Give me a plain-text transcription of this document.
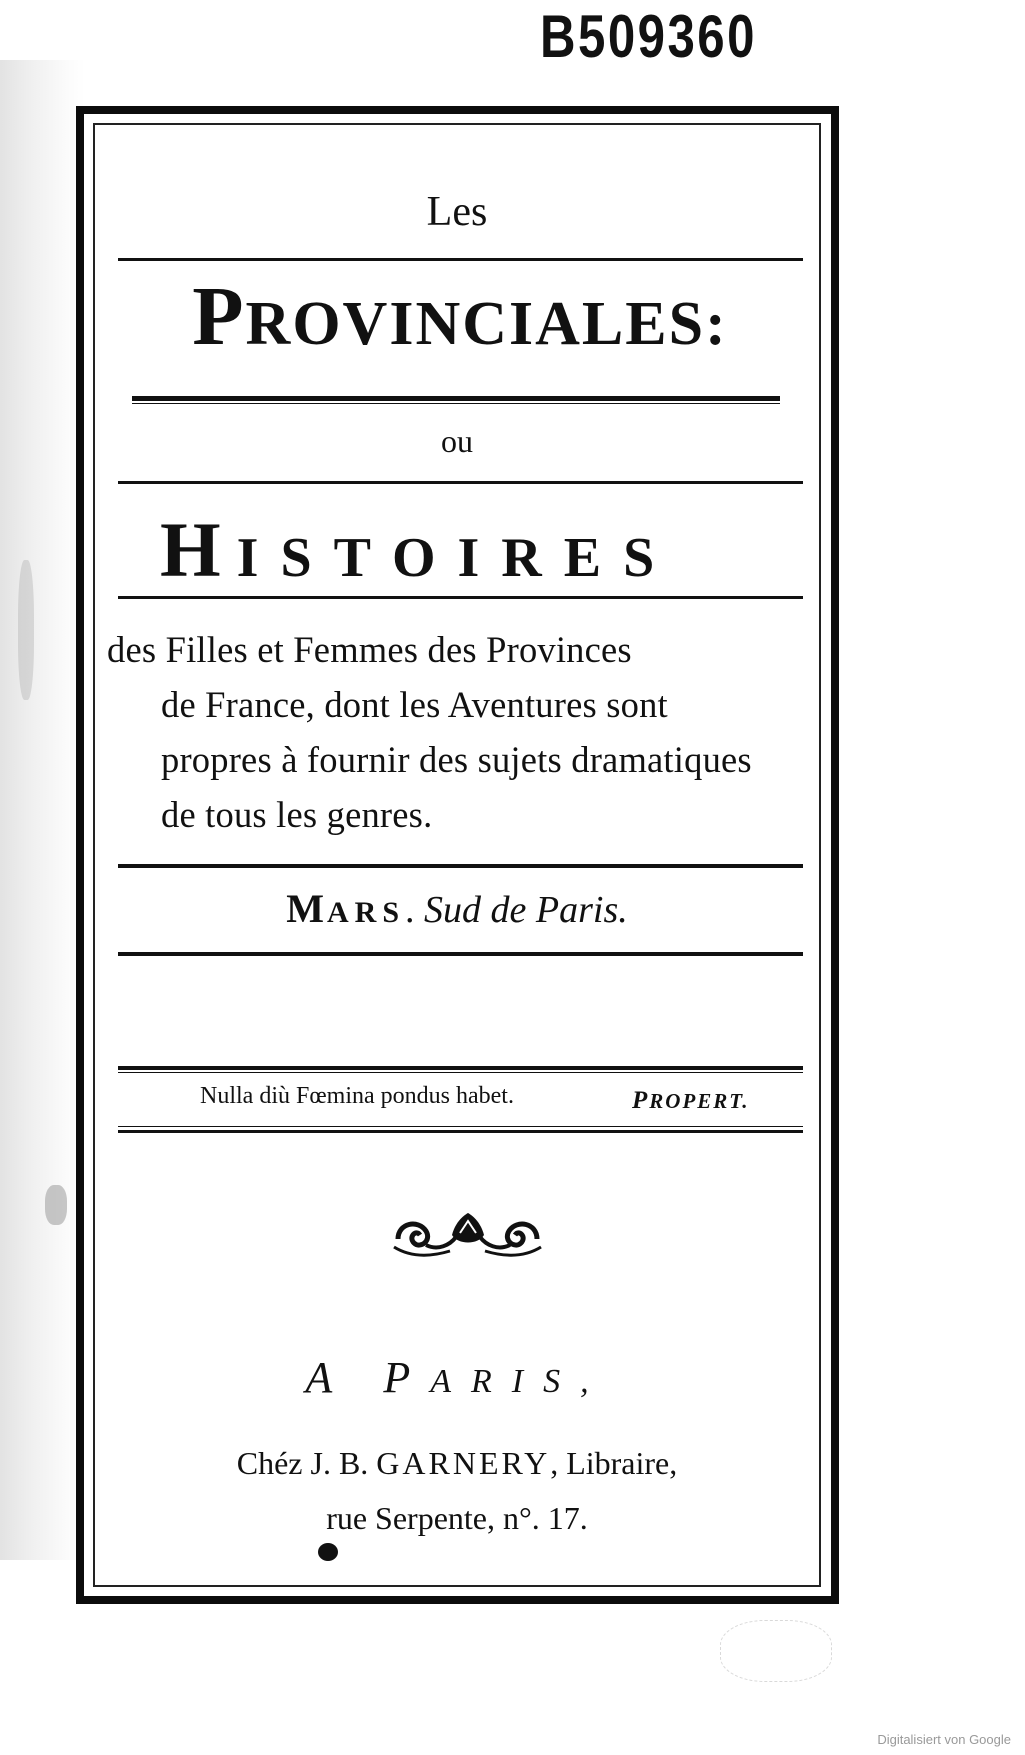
B509360
Les
PROVINCIALES:
ou
HISTOIRES
des Filles et Femmes des Provinces
de France, dont les Aventures sont
propres à fournir des sujets dramatiques
de tous les genres.
MARS. Sud de Paris.
Nulla diù Fœmina pondus habet.	PROPERT.
A PARIS,
Chéz J. B. GARNERY, Libraire,
rue Serpente, n°. 17.
Digitalisiert von Google
